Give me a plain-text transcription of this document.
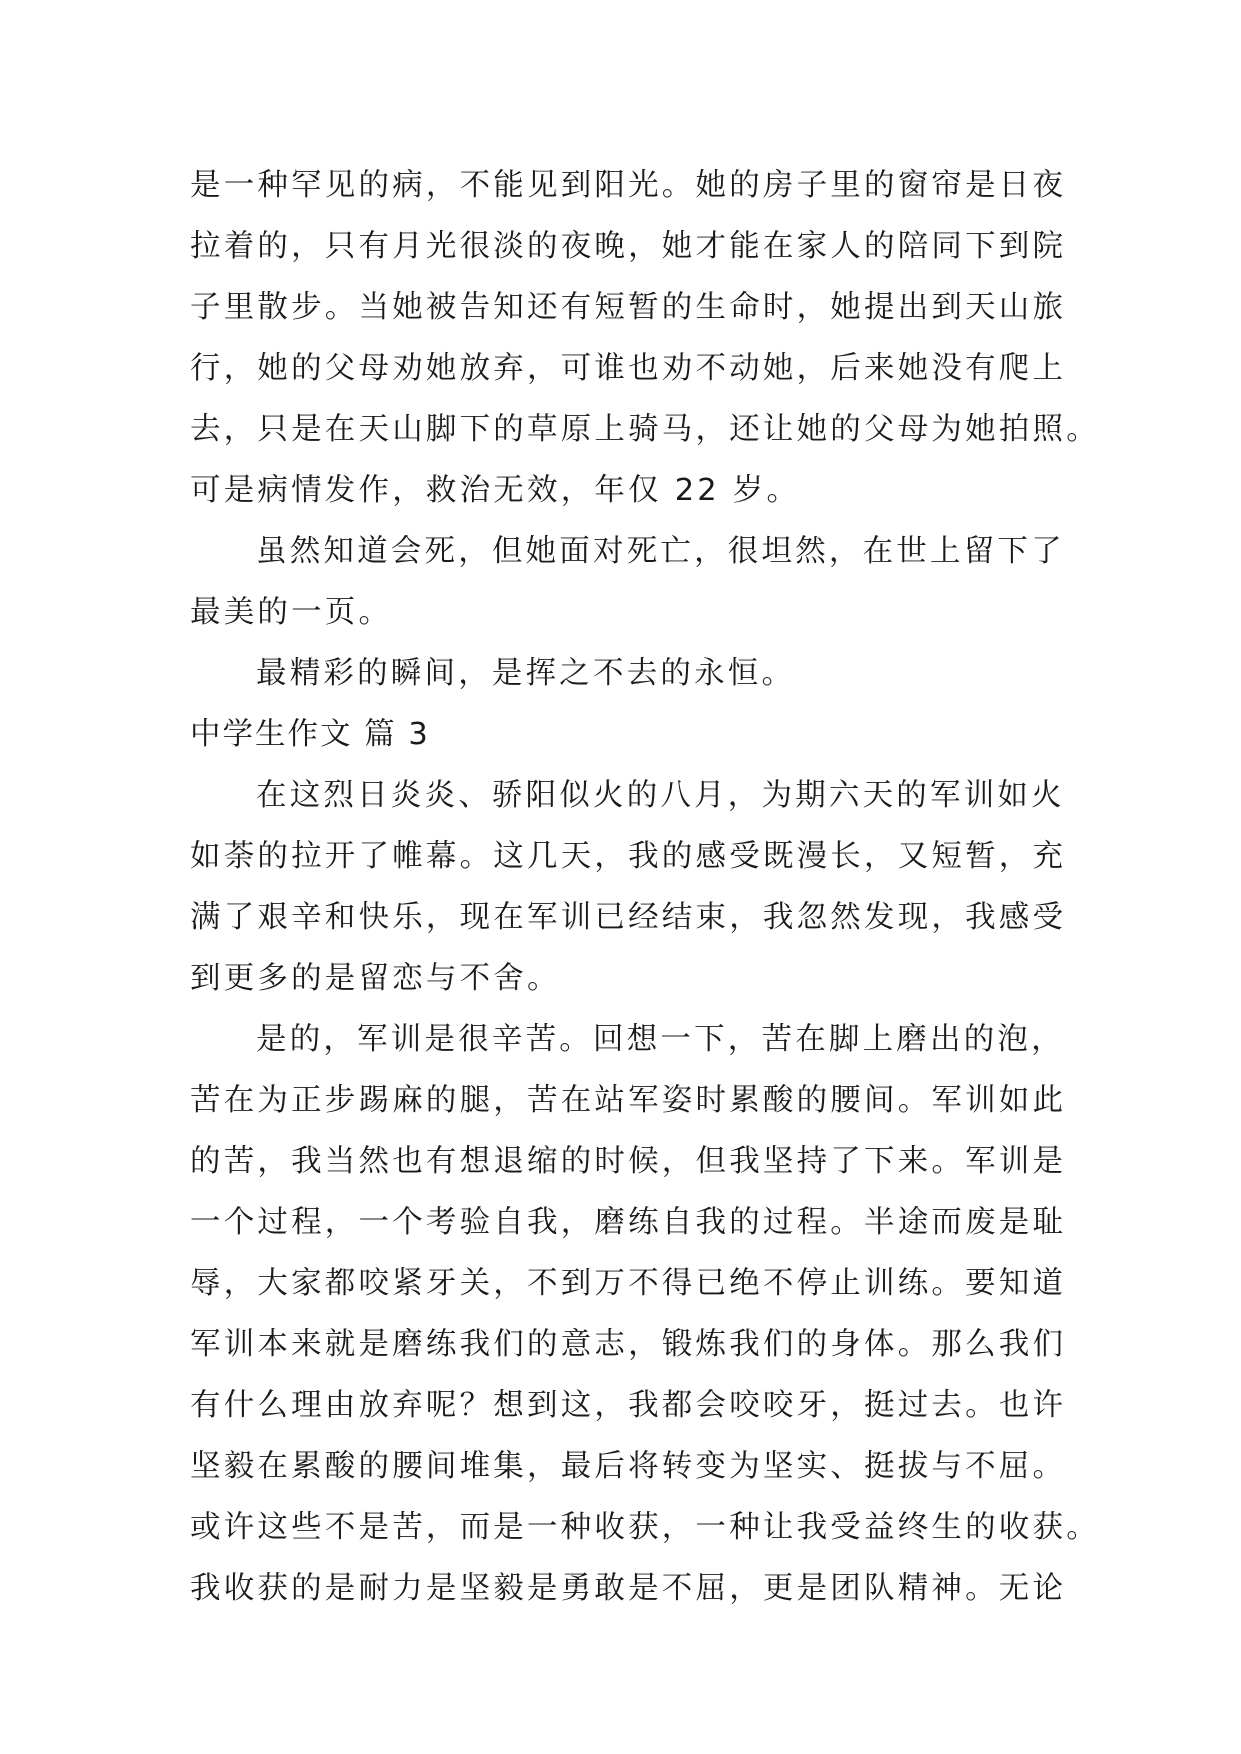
是一种罕见的病，不能见到阳光。她的房子里的窗帘是日夜
拉着的，只有月光很淡的夜晚，她才能在家人的陪同下到院
子里散步。当她被告知还有短暂的生命时，她提出到天山旅
行，她的父母劝她放弃，可谁也劝不动她，后来她没有爬上
去，只是在天山脚下的草原上骑马，还让她的父母为她拍照。
可是病情发作，救治无效，年仅 22 岁。
虽然知道会死，但她面对死亡，很坦然，在世上留下了
最美的一页。
最精彩的瞬间，是挥之不去的永恒。
中学生作文 篇 3
在这烈日炎炎、骄阳似火的八月，为期六天的军训如火
如荼的拉开了帷幕。这几天，我的感受既漫长，又短暂，充
满了艰辛和快乐，现在军训已经结束，我忽然发现，我感受
到更多的是留恋与不舍。
是的，军训是很辛苦。回想一下，苦在脚上磨出的泡，
苦在为正步踢麻的腿，苦在站军姿时累酸的腰间。军训如此
的苦，我当然也有想退缩的时候，但我坚持了下来。军训是
一个过程，一个考验自我，磨练自我的过程。半途而废是耻
辱，大家都咬紧牙关，不到万不得已绝不停止训练。要知道
军训本来就是磨练我们的意志，锻炼我们的身体。那么我们
有什么理由放弃呢？想到这，我都会咬咬牙，挺过去。也许
坚毅在累酸的腰间堆集，最后将转变为坚实、挺拔与不屈。
或许这些不是苦，而是一种收获，一种让我受益终生的收获。
我收获的是耐力是坚毅是勇敢是不屈，更是团队精神。无论
